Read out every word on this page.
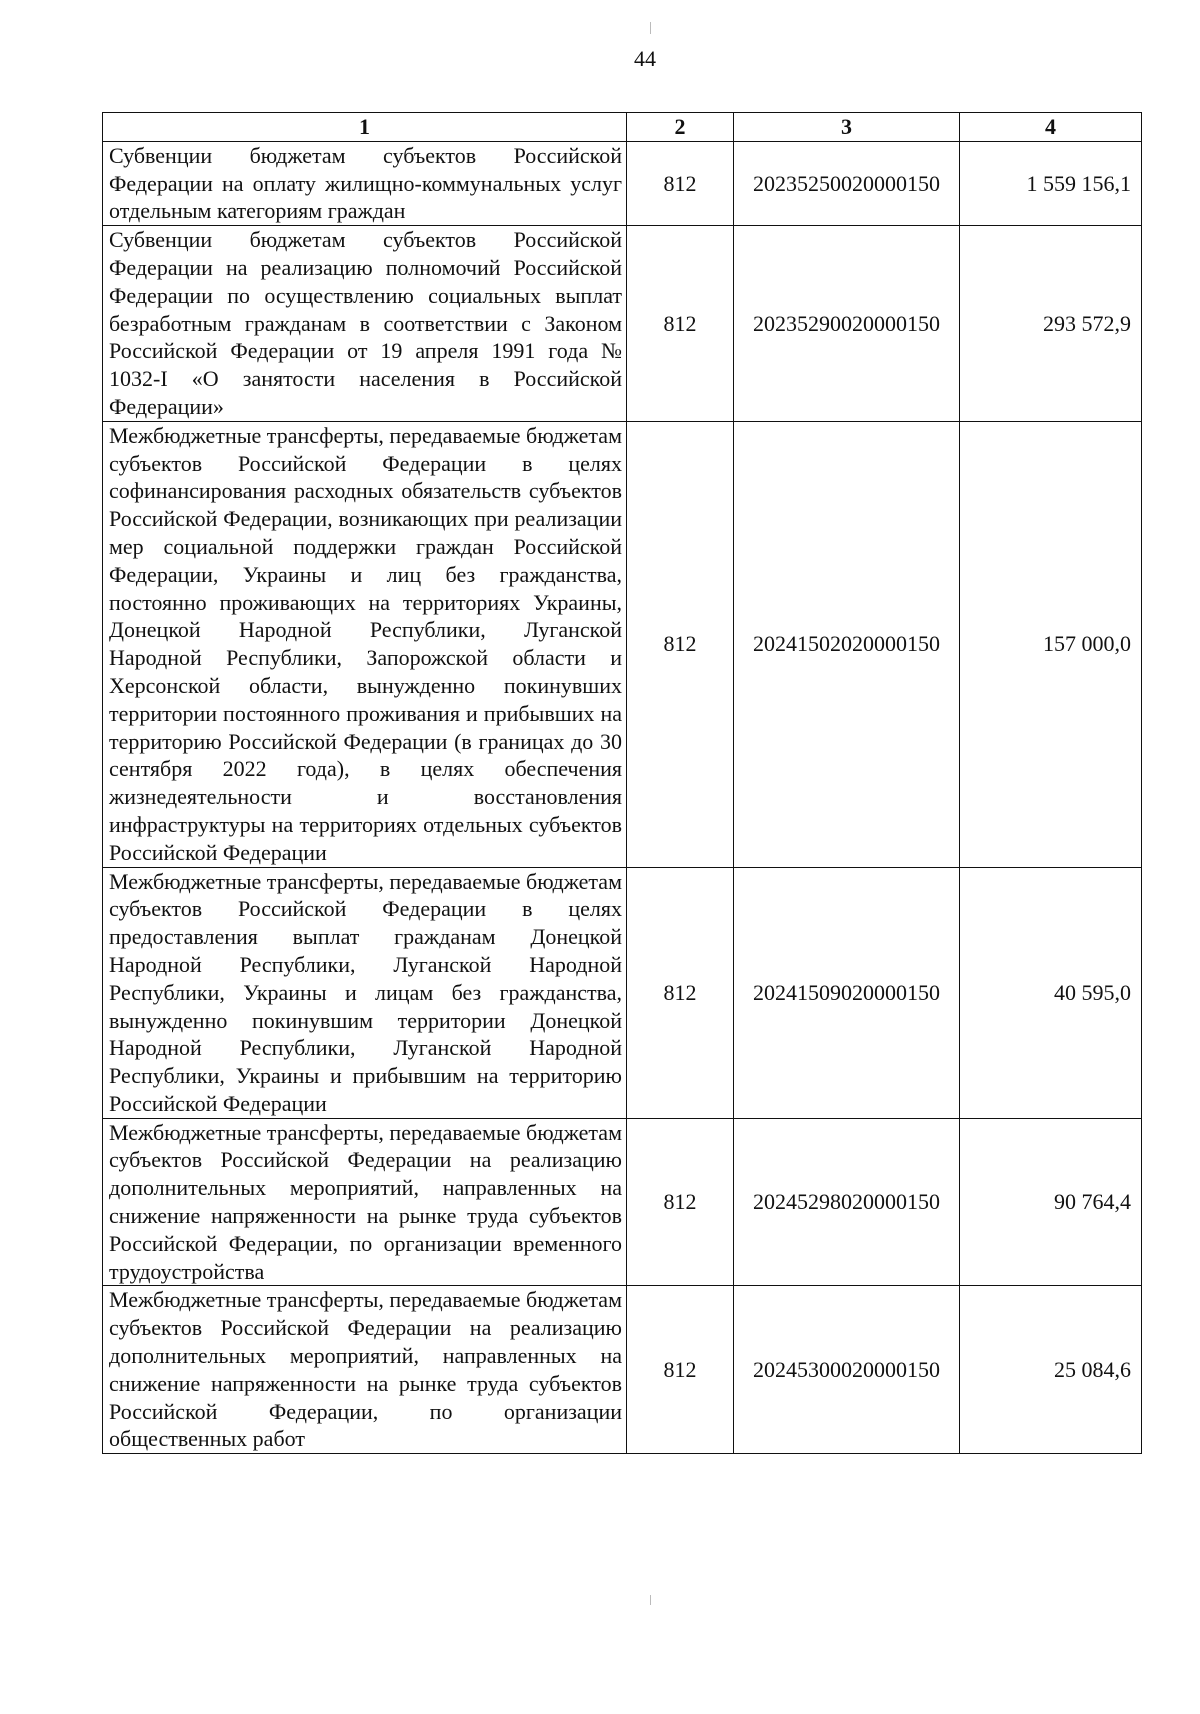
44
1	2	3	4
Субвенции бюджетам субъектов Российской Федерации на оплату жилищно-коммунальных услуг отдельным категориям граждан	812	20235250020000150	1 559 156,1
Субвенции бюджетам субъектов Российской Федерации на реализацию полномочий Российской Федерации по осуществлению социальных выплат безработным гражданам в соответствии с Законом Российской Федерации от 19 апреля 1991 года № 1032-I «О занятости населения в Российской Федерации»	812	20235290020000150	293 572,9
Межбюджетные трансферты, передаваемые бюджетам субъектов Российской Федерации в целях софинансирования расходных обязательств субъектов Российской Федерации, возникающих при реализации мер социальной поддержки граждан Российской Федерации, Украины и лиц без гражданства, постоянно проживающих на территориях Украины, Донецкой Народной Республики, Луганской Народной Республики, Запорожской области и Херсонской области, вынужденно покинувших территории постоянного проживания и прибывших на территорию Российской Федерации (в границах до 30 сентября 2022 года), в целях обеспечения жизнедеятельности и восстановления инфраструктуры на территориях отдельных субъектов Российской Федерации	812	20241502020000150	157 000,0
Межбюджетные трансферты, передаваемые бюджетам субъектов Российской Федерации в целях предоставления выплат гражданам Донецкой Народной Республики, Луганской Народной Республики, Украины и лицам без гражданства, вынужденно покинувшим территории Донецкой Народной Республики, Луганской Народной Республики, Украины и прибывшим на территорию Российской Федерации	812	20241509020000150	40 595,0
Межбюджетные трансферты, передаваемые бюджетам субъектов Российской Федерации на реализацию дополнительных мероприятий, направленных на снижение напряженности на рынке труда субъектов Российской Федерации, по организации временного трудоустройства	812	20245298020000150	90 764,4
Межбюджетные трансферты, передаваемые бюджетам субъектов Российской Федерации на реализацию дополнительных мероприятий, направленных на снижение напряженности на рынке труда субъектов Российской Федерации, по организации общественных работ	812	20245300020000150	25 084,6
